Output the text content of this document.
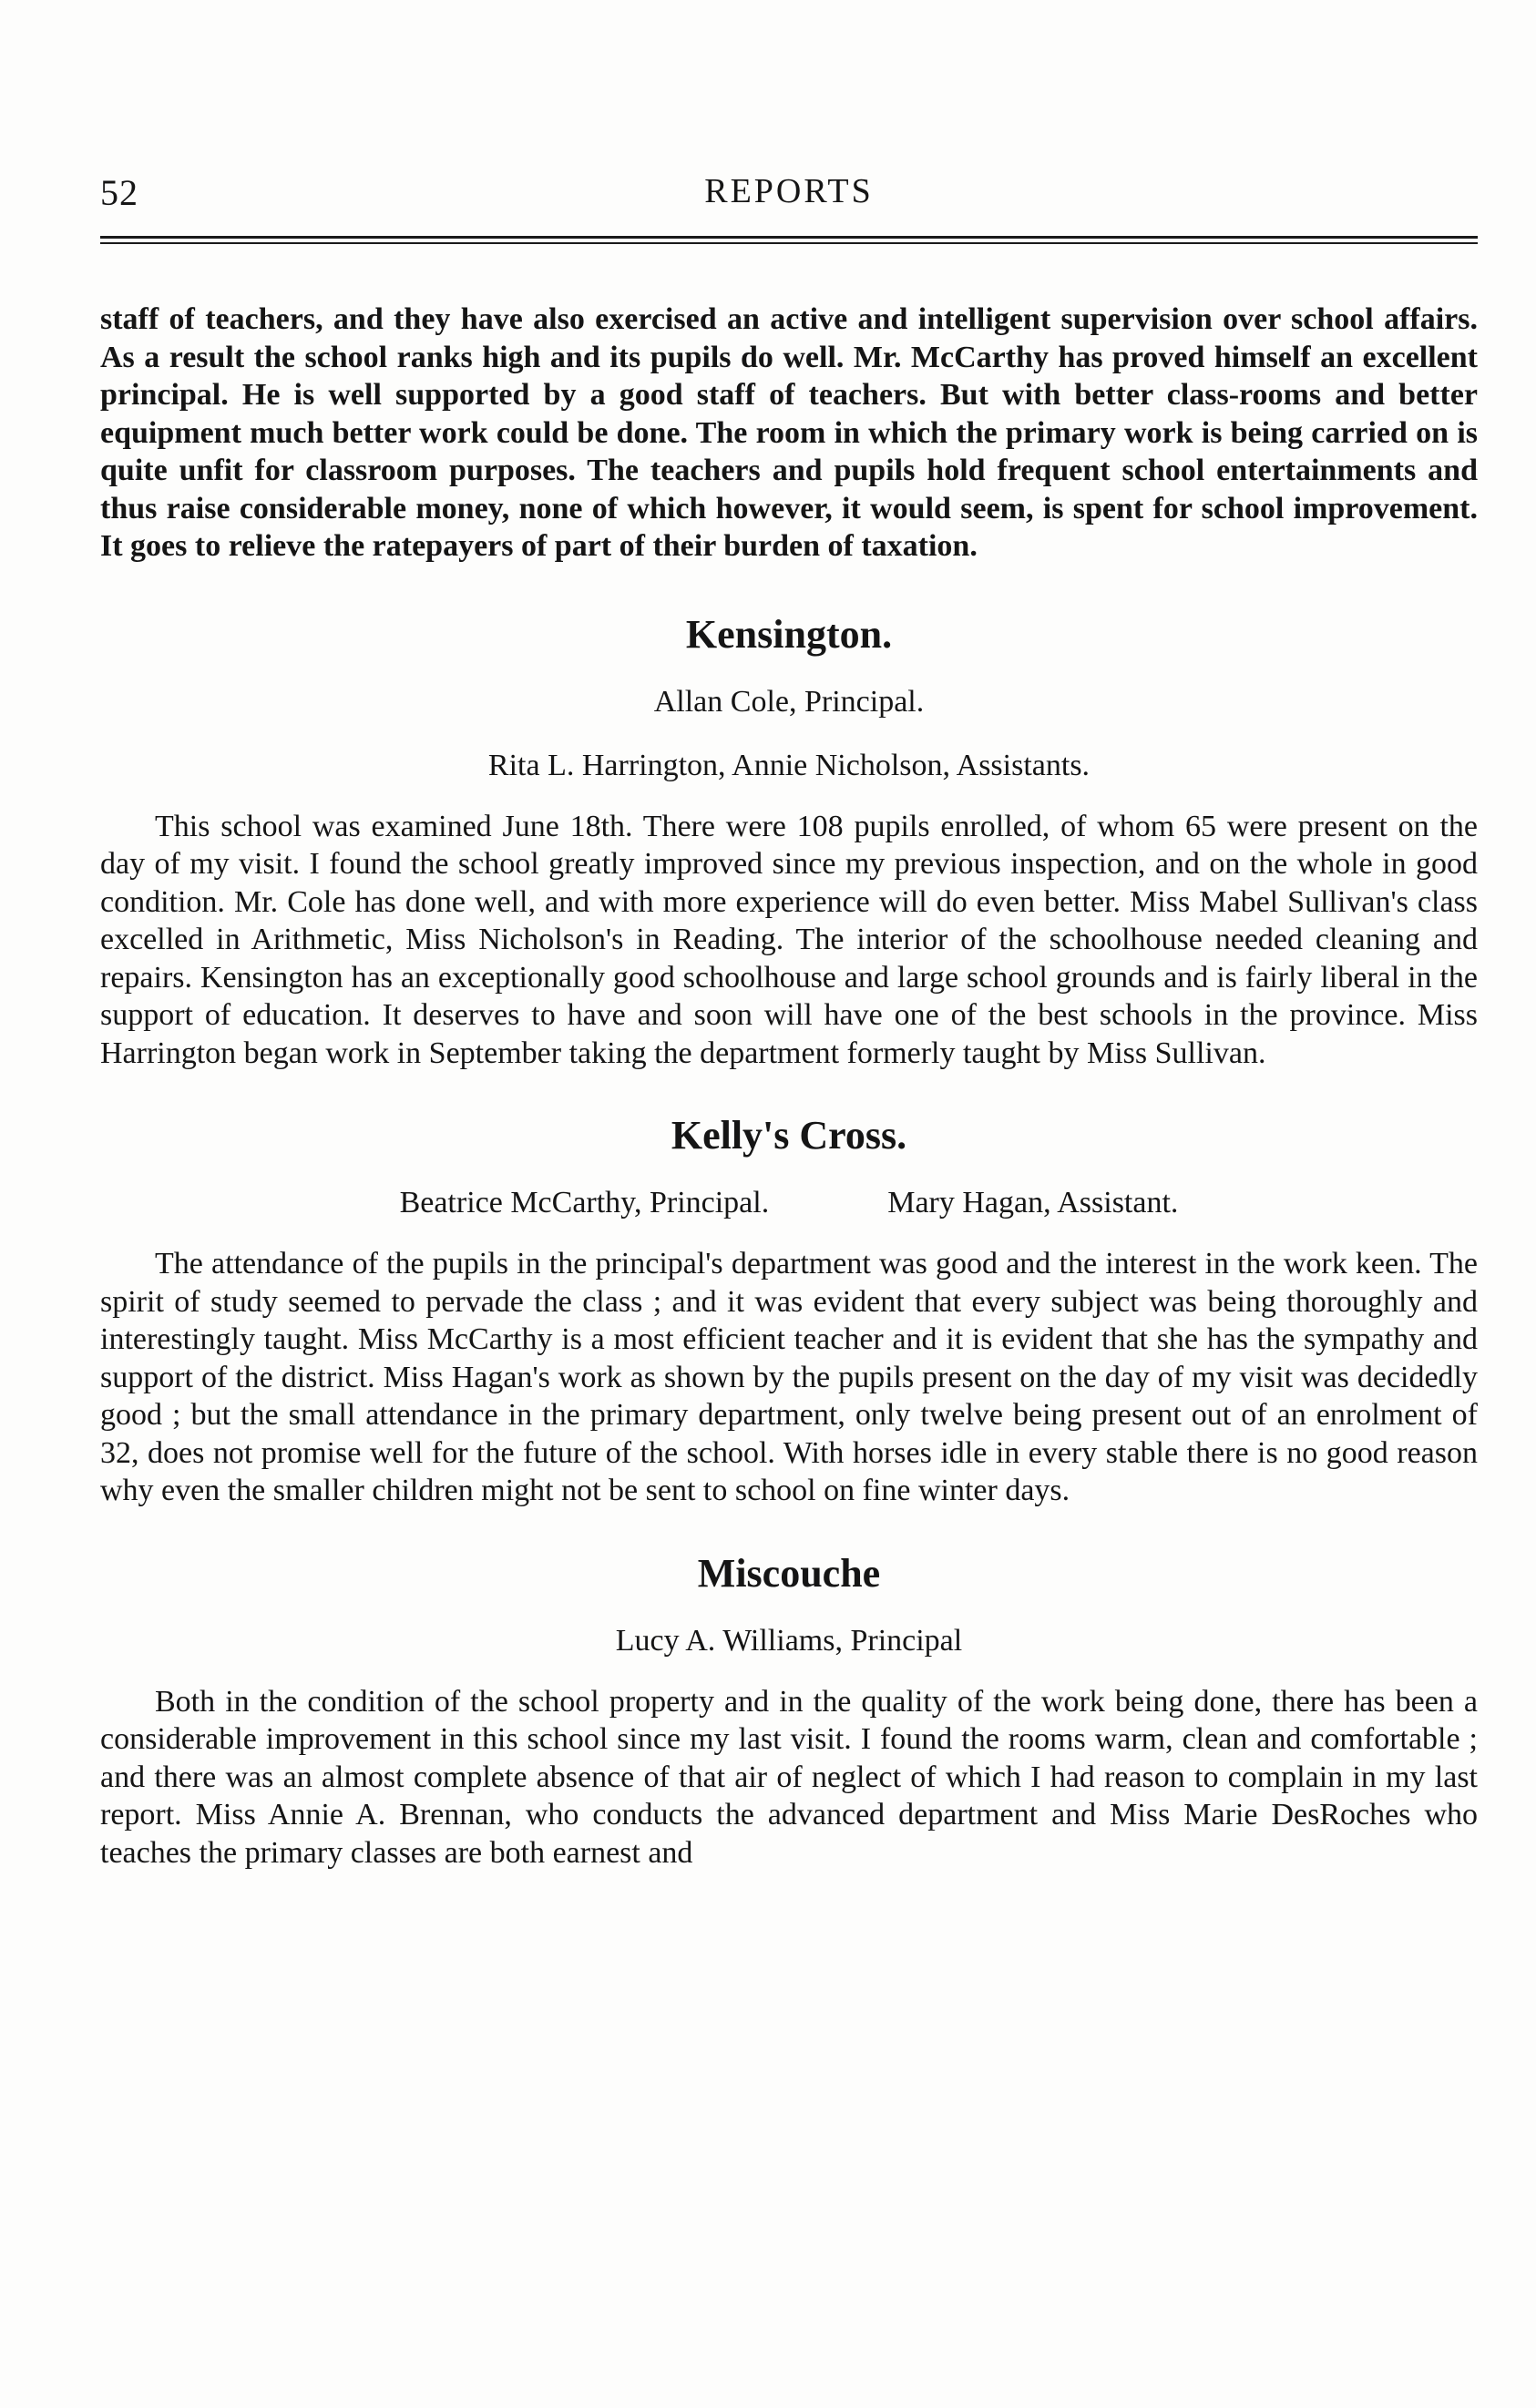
52	REPORTS

staff of teachers, and they have also exercised an active and intelligent supervision over school affairs. As a result the school ranks high and its pupils do well. Mr. McCarthy has proved himself an excellent principal. He is well supported by a good staff of teachers. But with better class-rooms and better equipment much better work could be done. The room in which the primary work is being carried on is quite unfit for classroom purposes. The teachers and pupils hold frequent school entertainments and thus raise considerable money, none of which however, it would seem, is spent for school improvement. It goes to relieve the ratepayers of part of their burden of taxation.

Kensington.

Allan Cole, Principal.

Rita L. Harrington, Annie Nicholson, Assistants.

This school was examined June 18th. There were 108 pupils enrolled, of whom 65 were present on the day of my visit. I found the school greatly improved since my previous inspection, and on the whole in good condition. Mr. Cole has done well, and with more experience will do even better. Miss Mabel Sullivan's class excelled in Arithmetic, Miss Nicholson's in Reading. The interior of the schoolhouse needed cleaning and repairs. Kensington has an exceptionally good schoolhouse and large school grounds and is fairly liberal in the support of education. It deserves to have and soon will have one of the best schools in the province. Miss Harrington began work in September taking the department formerly taught by Miss Sullivan.

Kelly's Cross.
Beatrice McCarthy, Principal.	Mary Hagan, Assistant.

The attendance of the pupils in the principal's department was good and the interest in the work keen. The spirit of study seemed to pervade the class ; and it was evident that every subject was being thoroughly and interestingly taught. Miss McCarthy is a most efficient teacher and it is evident that she has the sympathy and support of the district. Miss Hagan's work as shown by the pupils present on the day of my visit was decidedly good ; but the small attendance in the primary department, only twelve being present out of an enrolment of 32, does not promise well for the future of the school. With horses idle in every stable there is no good reason why even the smaller children might not be sent to school on fine winter days.

Miscouche

Lucy A. Williams, Principal

Both in the condition of the school property and in the quality of the work being done, there has been a considerable improvement in this school since my last visit. I found the rooms warm, clean and comfortable ; and there was an almost complete absence of that air of neglect of which I had reason to complain in my last report. Miss Annie A. Brennan, who conducts the advanced department and Miss Marie DesRoches who teaches the primary classes are both earnest and
